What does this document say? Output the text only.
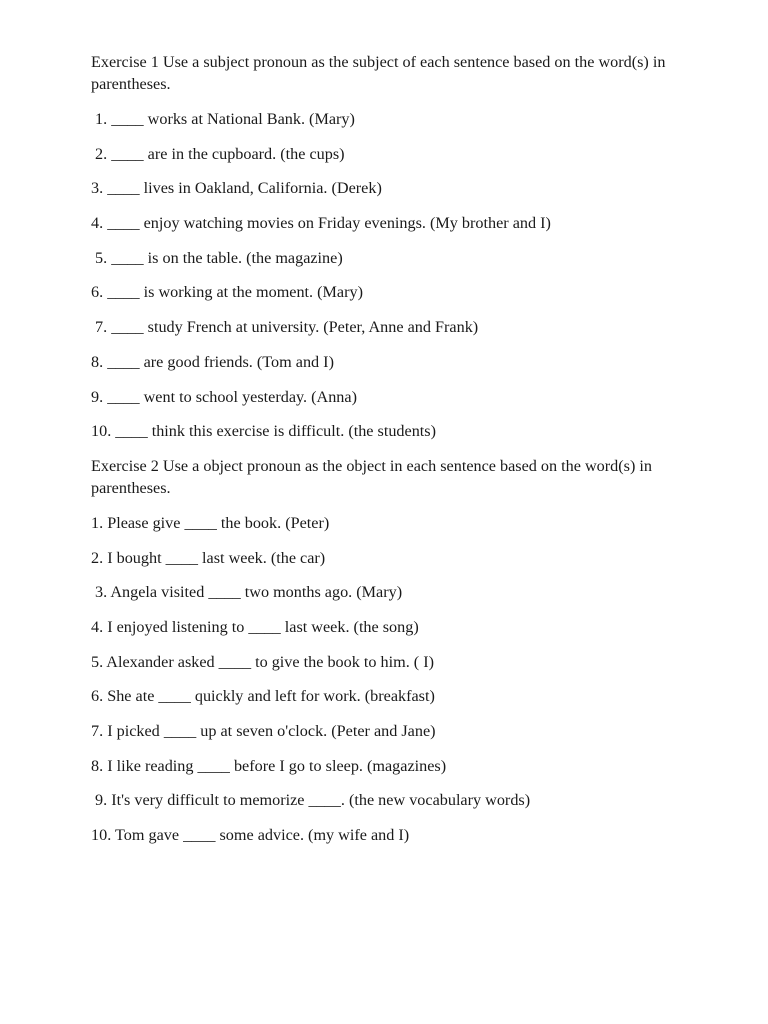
Exercise 1 Use a subject pronoun as the subject of each sentence based on the word(s) in parentheses.

1. ____ works at National Bank. (Mary)

2. ____ are in the cupboard. (the cups)

3. ____ lives in Oakland, California. (Derek)

4. ____ enjoy watching movies on Friday evenings. (My brother and I)

5. ____ is on the table. (the magazine)

6. ____ is working at the moment. (Mary)

7. ____ study French at university. (Peter, Anne and Frank)

8. ____ are good friends. (Tom and I)

9. ____ went to school yesterday. (Anna)

10. ____ think this exercise is difficult. (the students)

Exercise 2 Use a object pronoun as the object in each sentence based on the word(s) in parentheses.

1. Please give ____ the book. (Peter)

2. I bought ____ last week. (the car)

3. Angela visited ____ two months ago. (Mary)

4. I enjoyed listening to ____ last week. (the song)

5. Alexander asked ____ to give the book to him. ( I)

6. She ate ____ quickly and left for work. (breakfast)

7. I picked ____ up at seven o'clock. (Peter and Jane)

8. I like reading ____ before I go to sleep. (magazines)

9. It's very difficult to memorize ____. (the new vocabulary words)

10. Tom gave ____ some advice. (my wife and I)
